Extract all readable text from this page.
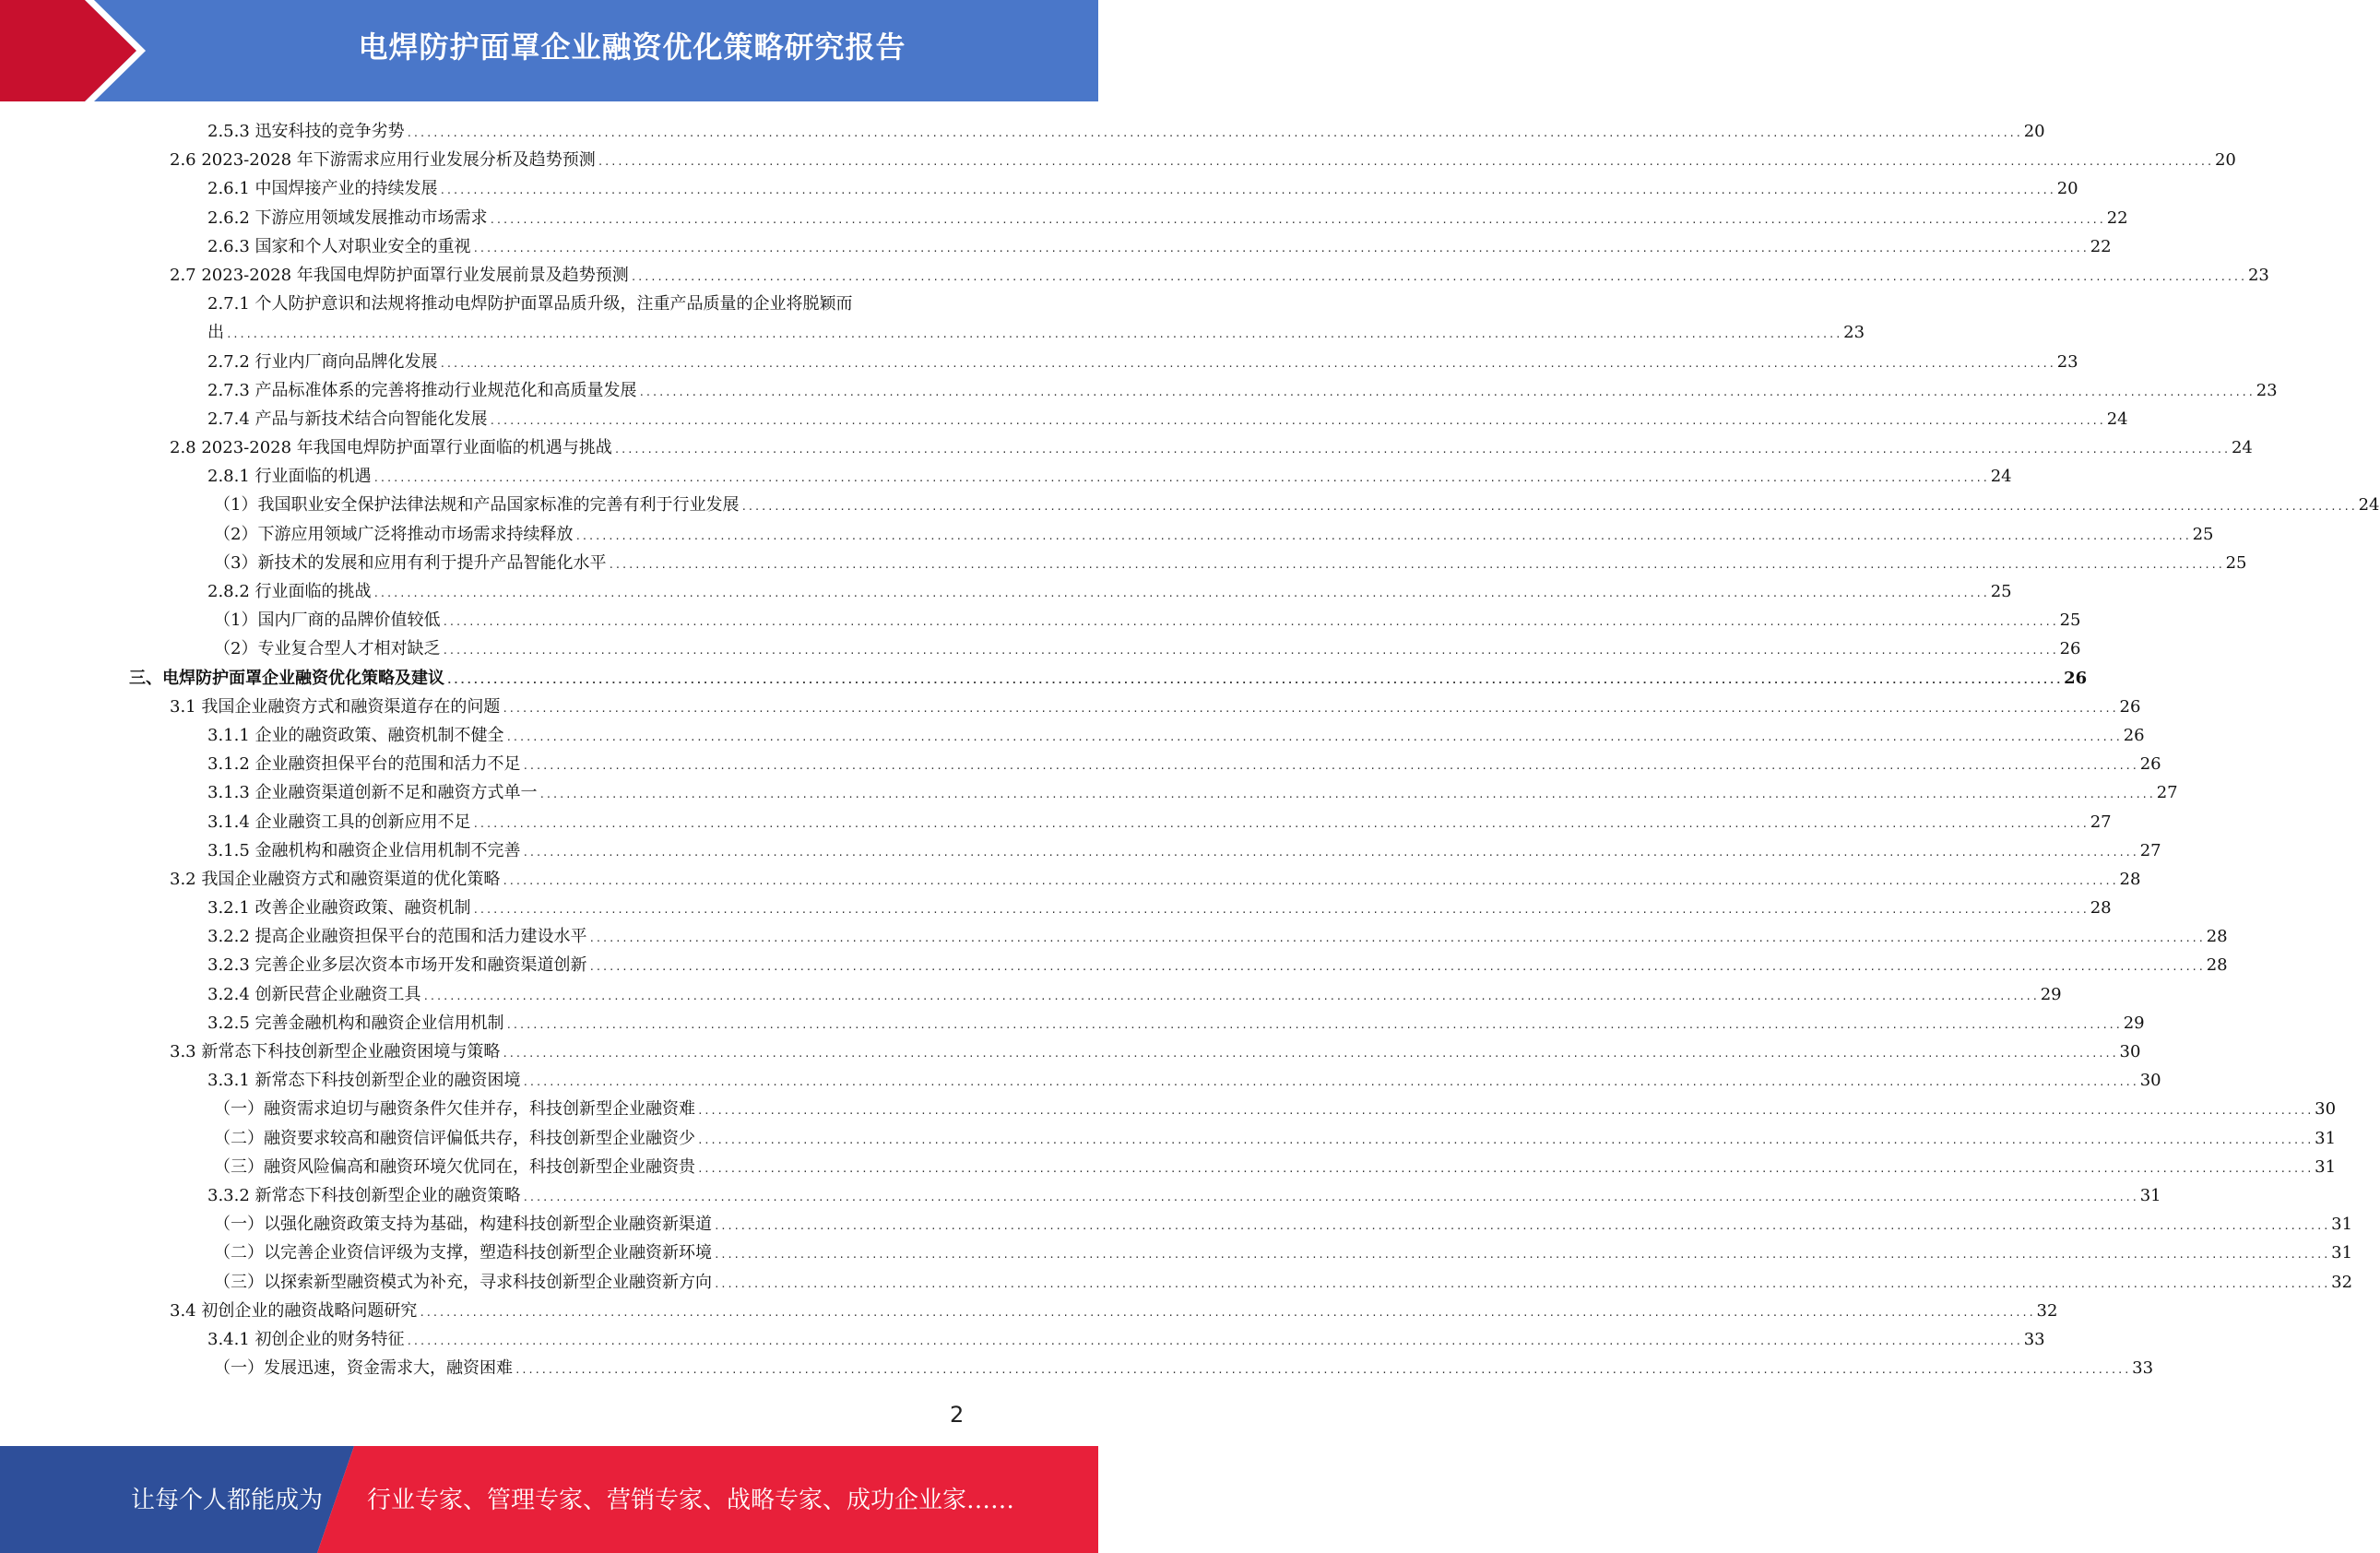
电焊防护面罩企业融资优化策略研究报告
2.5.3 迅安科技的竞争劣势 .....	20
2.6 2023-2028 年下游需求应用行业发展分析及趋势预测 .....	20
2.6.1 中国焊接产业的持续发展 .....	20
2.6.2 下游应用领域发展推动市场需求 .....	22
2.6.3 国家和个人对职业安全的重视 .....	22
2.7 2023-2028 年我国电焊防护面罩行业发展前景及趋势预测 .....	23
2.7.1 个人防护意识和法规将推动电焊防护面罩品质升级，注重产品质量的企业将脱颖而
出 .....	23
2.7.2 行业内厂商向品牌化发展 .....	23
2.7.3 产品标准体系的完善将推动行业规范化和高质量发展 .....	23
2.7.4 产品与新技术结合向智能化发展 .....	24
2.8 2023-2028 年我国电焊防护面罩行业面临的机遇与挑战 .....	24
2.8.1 行业面临的机遇 .....	24
（1）我国职业安全保护法律法规和产品国家标准的完善有利于行业发展 .....	24
（2）下游应用领域广泛将推动市场需求持续释放 .....	25
（3）新技术的发展和应用有利于提升产品智能化水平 .....	25
2.8.2 行业面临的挑战 .....	25
（1）国内厂商的品牌价值较低 .....	25
（2）专业复合型人才相对缺乏 .....	26
三、电焊防护面罩企业融资优化策略及建议 .....	26
3.1 我国企业融资方式和融资渠道存在的问题 .....	26
3.1.1 企业的融资政策、融资机制不健全 .....	26
3.1.2 企业融资担保平台的范围和活力不足 .....	26
3.1.3 企业融资渠道创新不足和融资方式单一 .....	27
3.1.4 企业融资工具的创新应用不足 .....	27
3.1.5 金融机构和融资企业信用机制不完善 .....	27
3.2 我国企业融资方式和融资渠道的优化策略 .....	28
3.2.1 改善企业融资政策、融资机制 .....	28
3.2.2 提高企业融资担保平台的范围和活力建设水平 .....	28
3.2.3 完善企业多层次资本市场开发和融资渠道创新 .....	28
3.2.4 创新民营企业融资工具 .....	29
3.2.5 完善金融机构和融资企业信用机制 .....	29
3.3 新常态下科技创新型企业融资困境与策略 .....	30
3.3.1 新常态下科技创新型企业的融资困境 .....	30
（一）融资需求迫切与融资条件欠佳并存，科技创新型企业融资难 .....	30
（二）融资要求较高和融资信评偏低共存，科技创新型企业融资少 .....	31
（三）融资风险偏高和融资环境欠优同在，科技创新型企业融资贵 .....	31
3.3.2 新常态下科技创新型企业的融资策略 .....	31
（一）以强化融资政策支持为基础，构建科技创新型企业融资新渠道 .....	31
（二）以完善企业资信评级为支撑，塑造科技创新型企业融资新环境 .....	31
（三）以探索新型融资模式为补充，寻求科技创新型企业融资新方向 .....	32
3.4 初创企业的融资战略问题研究 .....	32
3.4.1 初创企业的财务特征 .....	33
（一）发展迅速，资金需求大，融资困难 .....	33
2
让每个人都能成为 行业专家、管理专家、营销专家、战略专家、成功企业家……
